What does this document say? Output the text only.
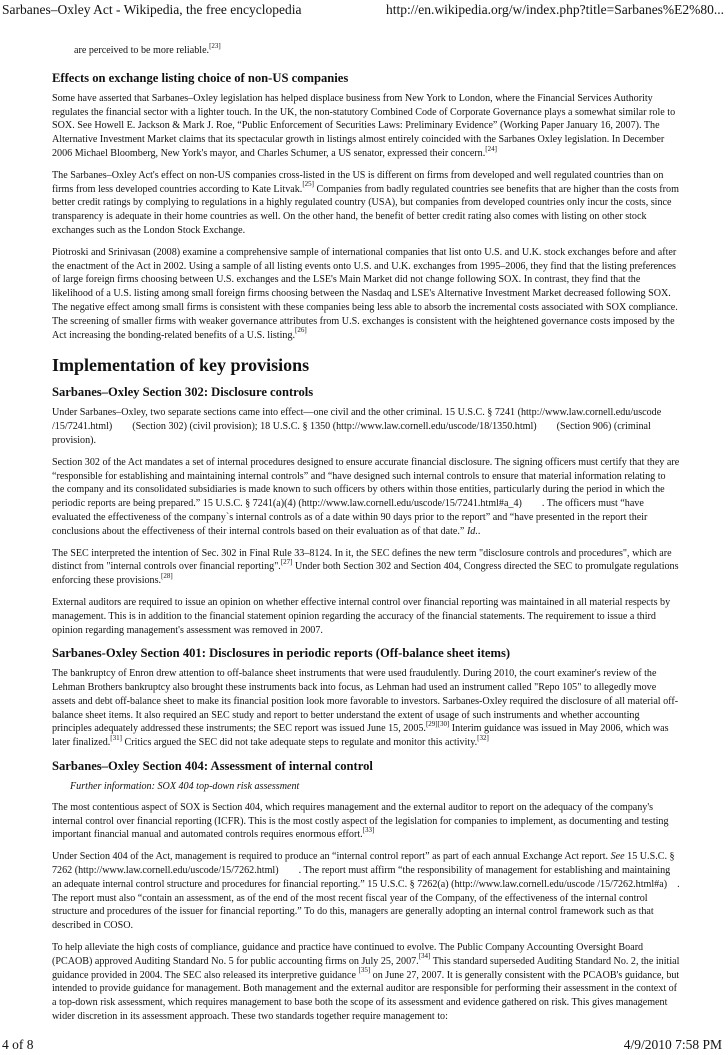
Sarbanes–Oxley Act - Wikipedia, the free encyclopedia	http://en.wikipedia.org/w/index.php?title=Sarbanes%E2%80...

are perceived to be more reliable.[23]

Effects on exchange listing choice of non-US companies

Some have asserted that Sarbanes–Oxley legislation has helped displace business from New York to London, where the Financial Services Authority regulates the financial sector with a lighter touch. In the UK, the non-statutory Combined Code of Corporate Governance plays a somewhat similar role to SOX. See Howell E. Jackson & Mark J. Roe, “Public Enforcement of Securities Laws: Preliminary Evidence” (Working Paper January 16, 2007). The Alternative Investment Market claims that its spectacular growth in listings almost entirely coincided with the Sarbanes Oxley legislation. In December 2006 Michael Bloomberg, New York's mayor, and Charles Schumer, a US senator, expressed their concern.[24]

The Sarbanes–Oxley Act's effect on non-US companies cross-listed in the US is different on firms from developed and well regulated countries than on firms from less developed countries according to Kate Litvak.[25] Companies from badly regulated countries see benefits that are higher than the costs from better credit ratings by complying to regulations in a highly regulated country (USA), but companies from developed countries only incur the costs, since transparency is adequate in their home countries as well. On the other hand, the benefit of better credit rating also comes with listing on other stock exchanges such as the London Stock Exchange.

Piotroski and Srinivasan (2008) examine a comprehensive sample of international companies that list onto U.S. and U.K. stock exchanges before and after the enactment of the Act in 2002. Using a sample of all listing events onto U.S. and U.K. exchanges from 1995–2006, they find that the listing preferences of large foreign firms choosing between U.S. exchanges and the LSE's Main Market did not change following SOX. In contrast, they find that the likelihood of a U.S. listing among small foreign firms choosing between the Nasdaq and LSE's Alternative Investment Market decreased following SOX. The negative effect among small firms is consistent with these companies being less able to absorb the incremental costs associated with SOX compliance. The screening of smaller firms with weaker governance attributes from U.S. exchanges is consistent with the heightened governance costs imposed by the Act increasing the bonding-related benefits of a U.S. listing.[26]

Implementation of key provisions
Sarbanes–Oxley Section 302: Disclosure controls

Under Sarbanes–Oxley, two separate sections came into effect—one civil and the other criminal. 15 U.S.C. § 7241 (http://www.law.cornell.edu/uscode /15/7241.html) (Section 302) (civil provision); 18 U.S.C. § 1350 (http://www.law.cornell.edu/uscode/18/1350.html) (Section 906) (criminal provision).

Section 302 of the Act mandates a set of internal procedures designed to ensure accurate financial disclosure. The signing officers must certify that they are “responsible for establishing and maintaining internal controls” and “have designed such internal controls to ensure that material information relating to the company and its consolidated subsidiaries is made known to such officers by others within those entities, particularly during the period in which the periodic reports are being prepared.” 15 U.S.C. § 7241(a)(4) (http://www.law.cornell.edu/uscode/15/7241.html#a_4) . The officers must “have evaluated the effectiveness of the company`s internal controls as of a date within 90 days prior to the report” and “have presented in the report their conclusions about the effectiveness of their internal controls based on their evaluation as of that date.” Id..

The SEC interpreted the intention of Sec. 302 in Final Rule 33–8124. In it, the SEC defines the new term "disclosure controls and procedures", which are distinct from "internal controls over financial reporting".[27] Under both Section 302 and Section 404, Congress directed the SEC to promulgate regulations enforcing these provisions.[28]

External auditors are required to issue an opinion on whether effective internal control over financial reporting was maintained in all material respects by management. This is in addition to the financial statement opinion regarding the accuracy of the financial statements. The requirement to issue a third opinion regarding management's assessment was removed in 2007.

Sarbanes-Oxley Section 401: Disclosures in periodic reports (Off-balance sheet items)

The bankruptcy of Enron drew attention to off-balance sheet instruments that were used fraudulently. During 2010, the court examiner's review of the Lehman Brothers bankruptcy also brought these instruments back into focus, as Lehman had used an instrument called "Repo 105" to allegedly move assets and debt off-balance sheet to make its financial position look more favorable to investors. Sarbanes-Oxley required the disclosure of all material off-balance sheet items. It also required an SEC study and report to better understand the extent of usage of such instruments and whether accounting principles adequately addressed these instruments; the SEC report was issued June 15, 2005.[29][30] Interim guidance was issued in May 2006, which was later finalized.[31] Critics argued the SEC did not take adequate steps to regulate and monitor this activity.[32]

Sarbanes–Oxley Section 404: Assessment of internal control

Further information: SOX 404 top-down risk assessment

The most contentious aspect of SOX is Section 404, which requires management and the external auditor to report on the adequacy of the company's internal control over financial reporting (ICFR). This is the most costly aspect of the legislation for companies to implement, as documenting and testing important financial manual and automated controls requires enormous effort.[33]

Under Section 404 of the Act, management is required to produce an “internal control report” as part of each annual Exchange Act report. See 15 U.S.C. § 7262 (http://www.law.cornell.edu/uscode/15/7262.html) . The report must affirm “the responsibility of management for establishing and maintaining an adequate internal control structure and procedures for financial reporting.” 15 U.S.C. § 7262(a) (http://www.law.cornell.edu/uscode /15/7262.html#a) . The report must also “contain an assessment, as of the end of the most recent fiscal year of the Company, of the effectiveness of the internal control structure and procedures of the issuer for financial reporting.” To do this, managers are generally adopting an internal control framework such as that described in COSO.

To help alleviate the high costs of compliance, guidance and practice have continued to evolve. The Public Company Accounting Oversight Board (PCAOB) approved Auditing Standard No. 5 for public accounting firms on July 25, 2007.[34] This standard superseded Auditing Standard No. 2, the initial guidance provided in 2004. The SEC also released its interpretive guidance [35] on June 27, 2007. It is generally consistent with the PCAOB's guidance, but intended to provide guidance for management. Both management and the external auditor are responsible for performing their assessment in the context of a top-down risk assessment, which requires management to base both the scope of its assessment and evidence gathered on risk. This gives management wider discretion in its assessment approach. These two standards together require management to:

4 of 8	4/9/2010 7:58 PM
